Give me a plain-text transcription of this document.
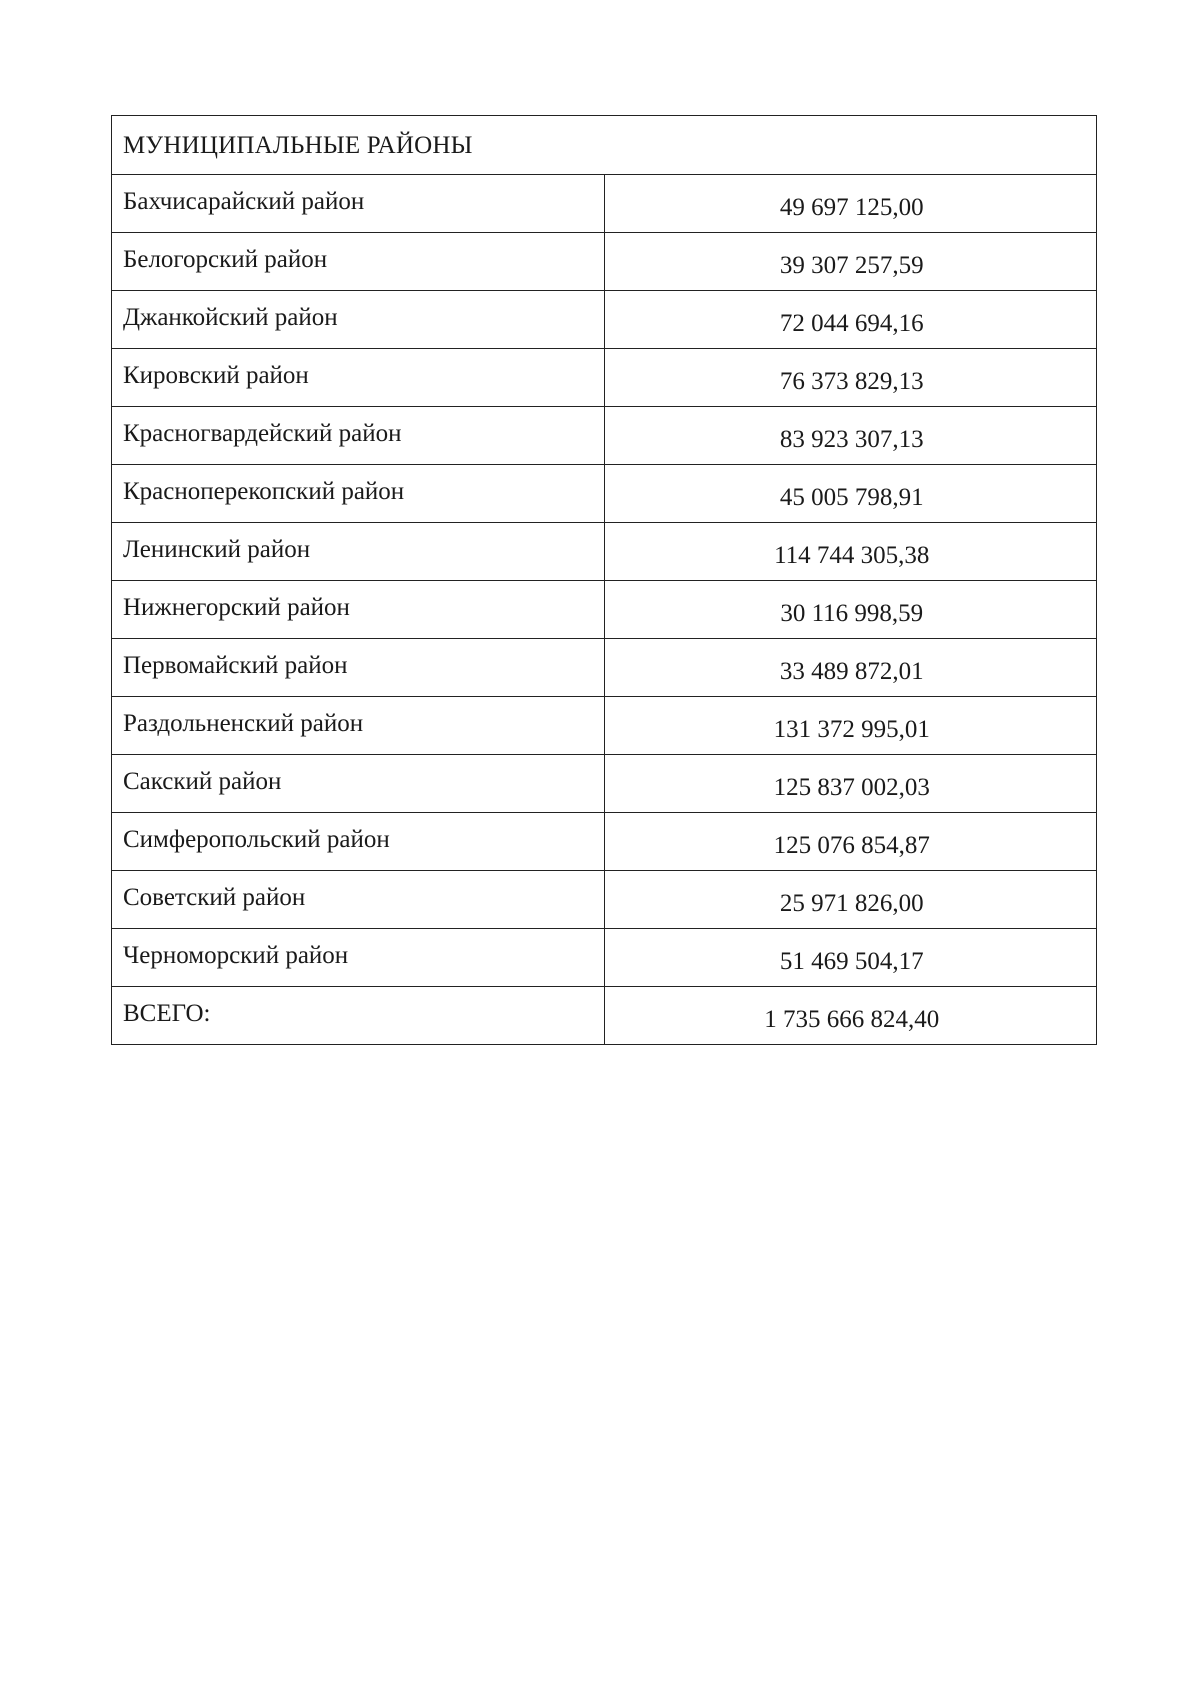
МУНИЦИПАЛЬНЫЕ РАЙОНЫ	
Бахчисарайский район	49 697 125,00
Белогорский район	39 307 257,59
Джанкойский район	72 044 694,16
Кировский район	76 373 829,13
Красногвардейский район	83 923 307,13
Красноперекопский район	45 005 798,91
Ленинский район	114 744 305,38
Нижнегорский район	30 116 998,59
Первомайский район	33 489 872,01
Раздольненский район	131 372 995,01
Сакский район	125 837 002,03
Симферопольский район	125 076 854,87
Советский район	25 971 826,00
Черноморский район	51 469 504,17
ВСЕГО:	1 735 666 824,40
